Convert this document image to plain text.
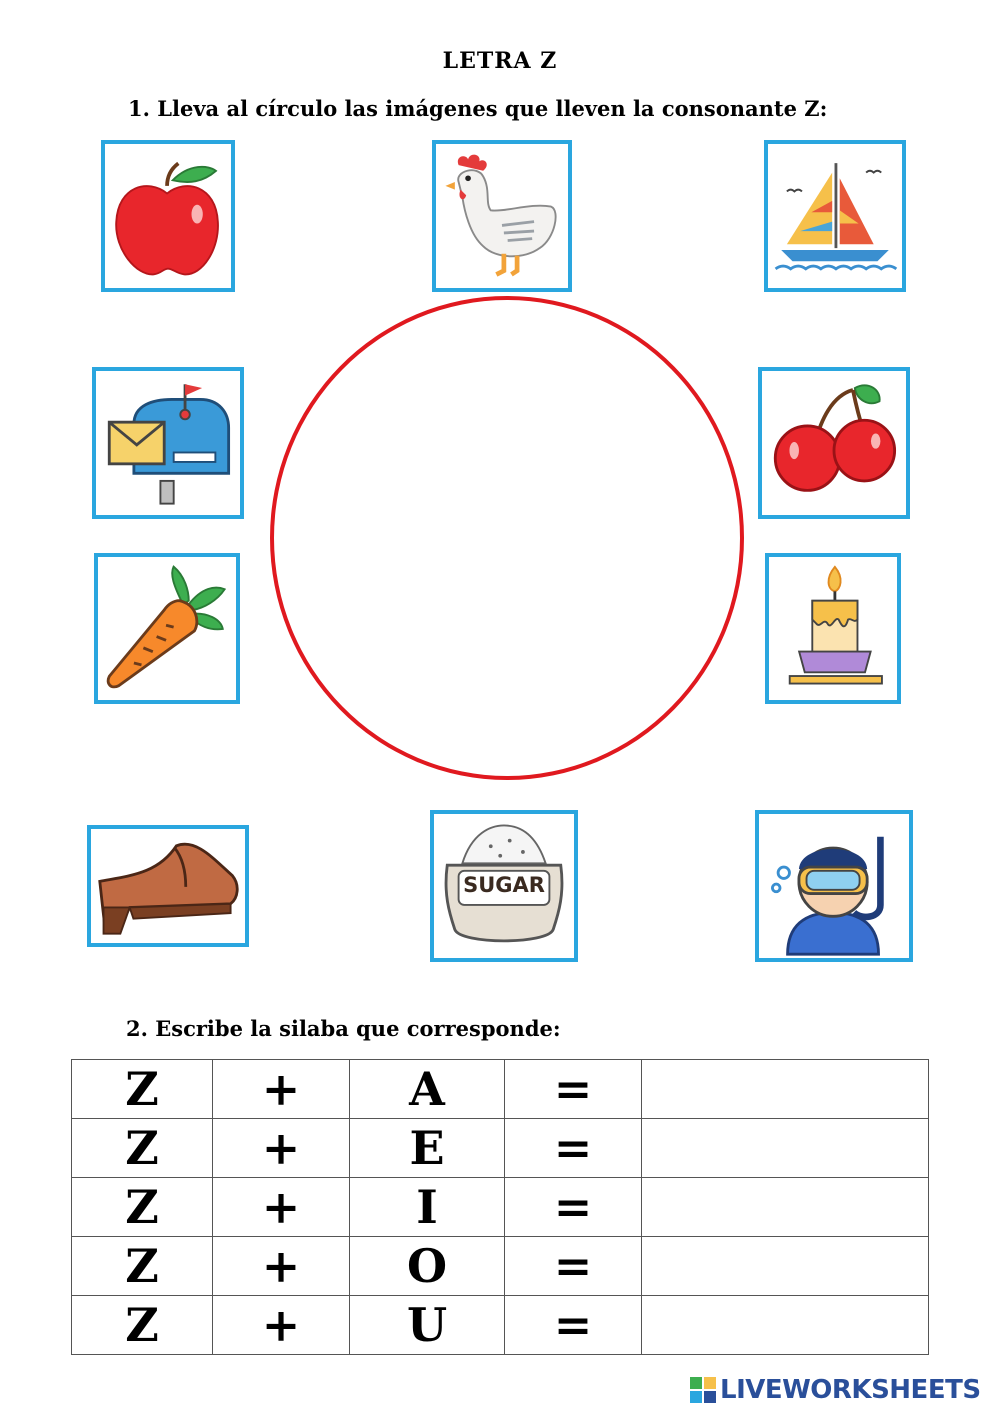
LETRA Z
1. Lleva al círculo las imágenes que lleven la consonante Z:
SUGAR
2. Escribe la silaba que corresponde:
Z	+	A	=	
Z	+	E	=	
Z	+	I	=	
Z	+	O	=	
Z	+	U	=	
LIVEWORKSHEETS
